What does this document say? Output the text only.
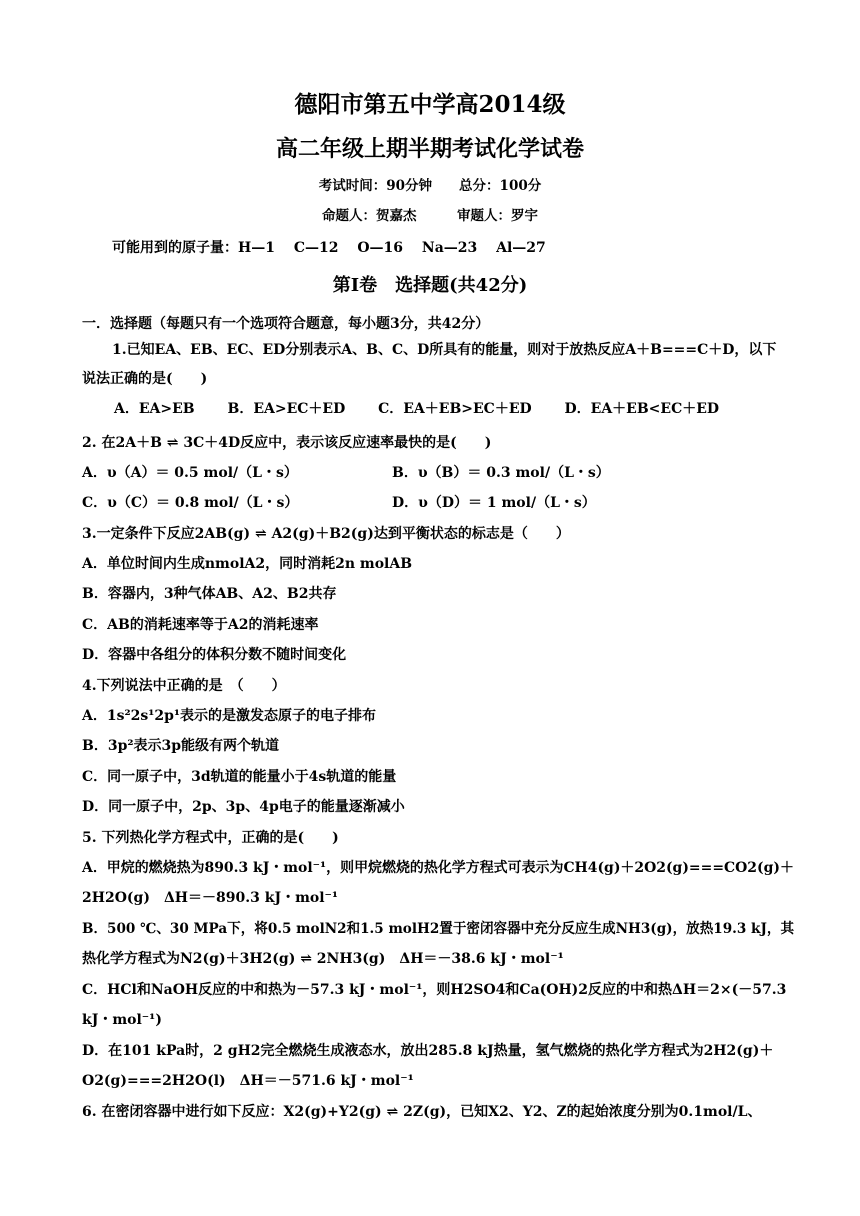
德阳市第五中学高2014级
高二年级上期半期考试化学试卷
考试时间：90分钟　　总分：100分
命题人：贺嘉杰　　　审题人：罗宇
可能用到的原子量：H—1　 C—12　 O—16　 Na—23　 Al—27
第Ⅰ卷　选择题(共42分)
一．选择题（每题只有一个选项符合题意，每小题3分，共42分）
1.已知EA、EB、EC、ED分别表示A、B、C、D所具有的能量，则对于放热反应A＋B===C＋D，以下
说法正确的是(　　)
A．EA>EB　　 B．EA>EC＋ED　　 C．EA＋EB>EC＋ED　　 D．EA＋EB<EC＋ED
2. 在2A＋B ⇌ 3C＋4D反应中，表示该反应速率最快的是(　　)
A．υ（A）＝ 0.5 mol/（L・s）	B．υ（B）＝ 0.3 mol/（L・s）
C．υ（C）＝ 0.8 mol/（L・s）	D．υ（D）＝ 1 mol/（L・s）
3.一定条件下反应2AB(g) ⇌ A2(g)＋B2(g)达到平衡状态的标志是（　　）
A．单位时间内生成nmolA2，同时消耗2n molAB
B．容器内，3种气体AB、A2、B2共存
C．AB的消耗速率等于A2的消耗速率
D．容器中各组分的体积分数不随时间变化
4.下列说法中正确的是　（　　）
A．1s²2s¹2p¹表示的是激发态原子的电子排布
B．3p²表示3p能级有两个轨道
C．同一原子中，3d轨道的能量小于4s轨道的能量
D．同一原子中，2p、3p、4p电子的能量逐渐减小
5. 下列热化学方程式中，正确的是(　　)
A．甲烷的燃烧热为890.3 kJ・mol⁻¹，则甲烷燃烧的热化学方程式可表示为CH4(g)＋2O2(g)===CO2(g)＋
2H2O(g)　ΔH＝－890.3 kJ・mol⁻¹
B．500 ℃、30 MPa下，将0.5 molN2和1.5 molH2置于密闭容器中充分反应生成NH3(g)，放热19.3 kJ，其
热化学方程式为N2(g)＋3H2(g) ⇌ 2NH3(g)　ΔH＝－38.6 kJ・mol⁻¹
C．HCl和NaOH反应的中和热为－57.3 kJ・mol⁻¹，则H2SO4和Ca(OH)2反应的中和热ΔH＝2×(－57.3
kJ・mol⁻¹)
D．在101 kPa时，2 gH2完全燃烧生成液态水，放出285.8 kJ热量，氢气燃烧的热化学方程式为2H2(g)＋
O2(g)===2H2O(l)　ΔH＝－571.6 kJ・mol⁻¹
6. 在密闭容器中进行如下反应：X2(g)+Y2(g) ⇌ 2Z(g)，已知X2、Y2、Z的起始浓度分别为0.1mol/L、
